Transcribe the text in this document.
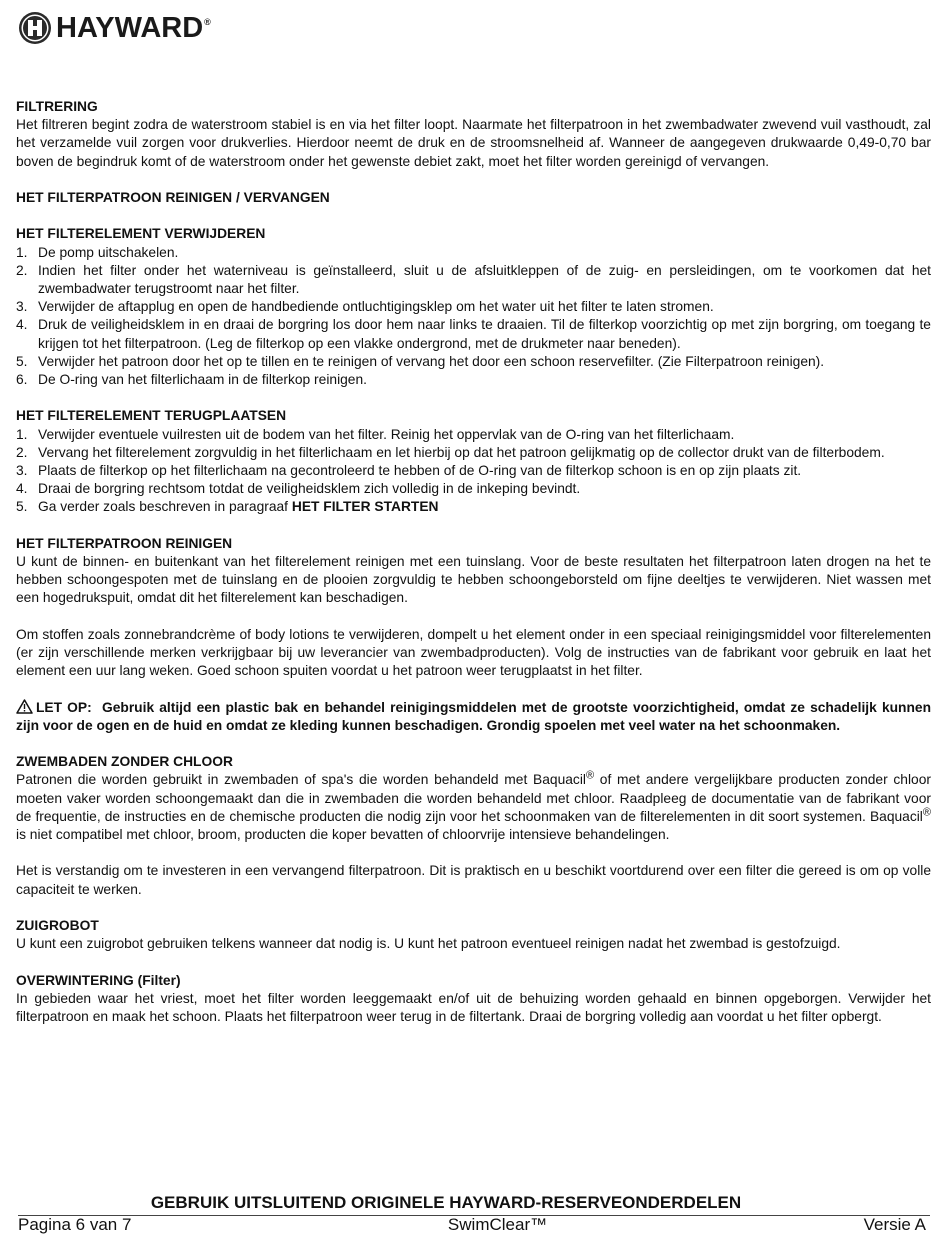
HAYWARD®

FILTRERING

Het filtreren begint zodra de waterstroom stabiel is en via het filter loopt. Naarmate het filterpatroon in het zwembadwater zwevend vuil vasthoudt, zal het verzamelde vuil zorgen voor drukverlies. Hierdoor neemt de druk en de stroomsnelheid af. Wanneer de aangegeven drukwaarde 0,49-0,70 bar boven de begindruk komt of de waterstroom onder het gewenste debiet zakt, moet het filter worden gereinigd of vervangen.

HET FILTERPATROON REINIGEN / VERVANGEN

HET FILTERELEMENT VERWIJDEREN

1. De pomp uitschakelen.
2. Indien het filter onder het waterniveau is geïnstalleerd, sluit u de afsluitkleppen of de zuig- en persleidingen, om te voorkomen dat het zwembadwater terugstroomt naar het filter.
3. Verwijder de aftapplug en open de handbediende ontluchtigingsklep om het water uit het filter te laten stromen.
4. Druk de veiligheidsklem in en draai de borgring los door hem naar links te draaien. Til de filterkop voorzichtig op met zijn borgring, om toegang te krijgen tot het filterpatroon. (Leg de filterkop op een vlakke ondergrond, met de drukmeter naar beneden).
5. Verwijder het patroon door het op te tillen en te reinigen of vervang het door een schoon reservefilter. (Zie Filterpatroon reinigen).
6. De O-ring van het filterlichaam in de filterkop reinigen.

HET FILTERELEMENT TERUGPLAATSEN

1. Verwijder eventuele vuilresten uit de bodem van het filter. Reinig het oppervlak van de O-ring van het filterlichaam.
2. Vervang het filterelement zorgvuldig in het filterlichaam en let hierbij op dat het patroon gelijkmatig op de collector drukt van de filterbodem.
3. Plaats de filterkop op het filterlichaam na gecontroleerd te hebben of de O-ring van de filterkop schoon is en op zijn plaats zit.
4. Draai de borgring rechtsom totdat de veiligheidsklem zich volledig in de inkeping bevindt.
5. Ga verder zoals beschreven in paragraaf HET FILTER STARTEN

HET FILTERPATROON REINIGEN

U kunt de binnen- en buitenkant van het filterelement reinigen met een tuinslang. Voor de beste resultaten het filterpatroon laten drogen na het te hebben schoongespoten met de tuinslang en de plooien zorgvuldig te hebben schoongeborsteld om fijne deeltjes te verwijderen. Niet wassen met een hogedrukspuit, omdat dit het filterelement kan beschadigen.

Om stoffen zoals zonnebrandcrème of body lotions te verwijderen, dompelt u het element onder in een speciaal reinigingsmiddel voor filterelementen (er zijn verschillende merken verkrijgbaar bij uw leverancier van zwembadproducten). Volg de instructies van de fabrikant voor gebruik en laat het element een uur lang weken. Goed schoon spuiten voordat u het patroon weer terugplaatst in het filter.

LET OP: Gebruik altijd een plastic bak en behandel reinigingsmiddelen met de grootste voorzichtigheid, omdat ze schadelijk kunnen zijn voor de ogen en de huid en omdat ze kleding kunnen beschadigen. Grondig spoelen met veel water na het schoonmaken.

ZWEMBADEN ZONDER CHLOOR

Patronen die worden gebruikt in zwembaden of spa's die worden behandeld met Baquacil® of met andere vergelijkbare producten zonder chloor moeten vaker worden schoongemaakt dan die in zwembaden die worden behandeld met chloor. Raadpleeg de documentatie van de fabrikant voor de frequentie, de instructies en de chemische producten die nodig zijn voor het schoonmaken van de filterelementen in dit soort systemen. Baquacil® is niet compatibel met chloor, broom, producten die koper bevatten of chloorvrije intensieve behandelingen.

Het is verstandig om te investeren in een vervangend filterpatroon. Dit is praktisch en u beschikt voortdurend over een filter die gereed is om op volle capaciteit te werken.

ZUIGROBOT

U kunt een zuigrobot gebruiken telkens wanneer dat nodig is. U kunt het patroon eventueel reinigen nadat het zwembad is gestofzuigd.

OVERWINTERING (Filter)

In gebieden waar het vriest, moet het filter worden leeggemaakt en/of uit de behuizing worden gehaald en binnen opgeborgen. Verwijder het filterpatroon en maak het schoon. Plaats het filterpatroon weer terug in de filtertank. Draai de borgring volledig aan voordat u het filter opbergt.

GEBRUIK UITSLUITEND ORIGINELE HAYWARD-RESERVEONDERDELEN
Pagina 6 van 7	SwimClear™	Versie A
